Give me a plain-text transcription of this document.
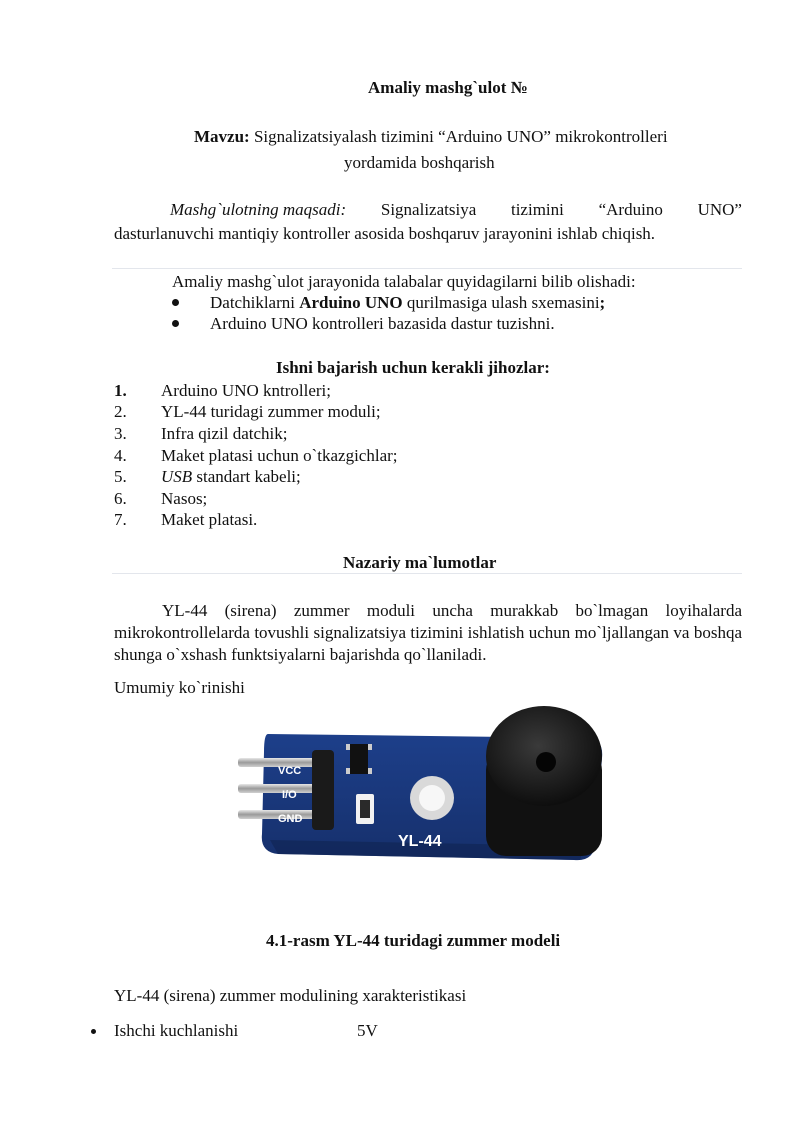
Amaliy mashg`ulot №
Mavzu: Signalizatsiyalash tizimini “Arduino UNO” mikrokontrolleri
yordamida boshqarish
Mashg`ulotning maqsadi: Signalizatsiya tizimini “Arduino UNO”
dasturlanuvchi mantiqiy kontroller asosida boshqaruv jarayonini ishlab chiqish.
Amaliy mashg`ulot jarayonida talabalar quyidagilarni bilib olishadi:
Datchiklarni Arduino UNO qurilmasiga ulash sxemasini;
Arduino UNO kontrolleri bazasida dastur tuzishni.
Ishni bajarish uchun kerakli jihozlar:
1. Arduino UNO kntrolleri;
2. YL-44 turidagi zummer moduli;
3. Infra qizil datchik;
4. Maket platasi uchun o`tkazgichlar;
5. USB standart kabeli;
6. Nasos;
7. Maket platasi.
Nazariy ma`lumotlar
YL-44 (sirena) zummer moduli uncha murakkab bo`lmagan loyihalarda mikrokontrollelarda tovushli signalizatsiya tizimini ishlatish uchun mo`ljallangan va boshqa shunga o`xshash funktsiyalarni bajarishda qo`llaniladi.
Umumiy ko`rinishi
VCC
I/O
GND
YL-44
4.1-rasm YL-44 turidagi zummer modeli
YL-44 (sirena) zummer modulining xarakteristikasi
Ishchi kuchlanishi	5V
